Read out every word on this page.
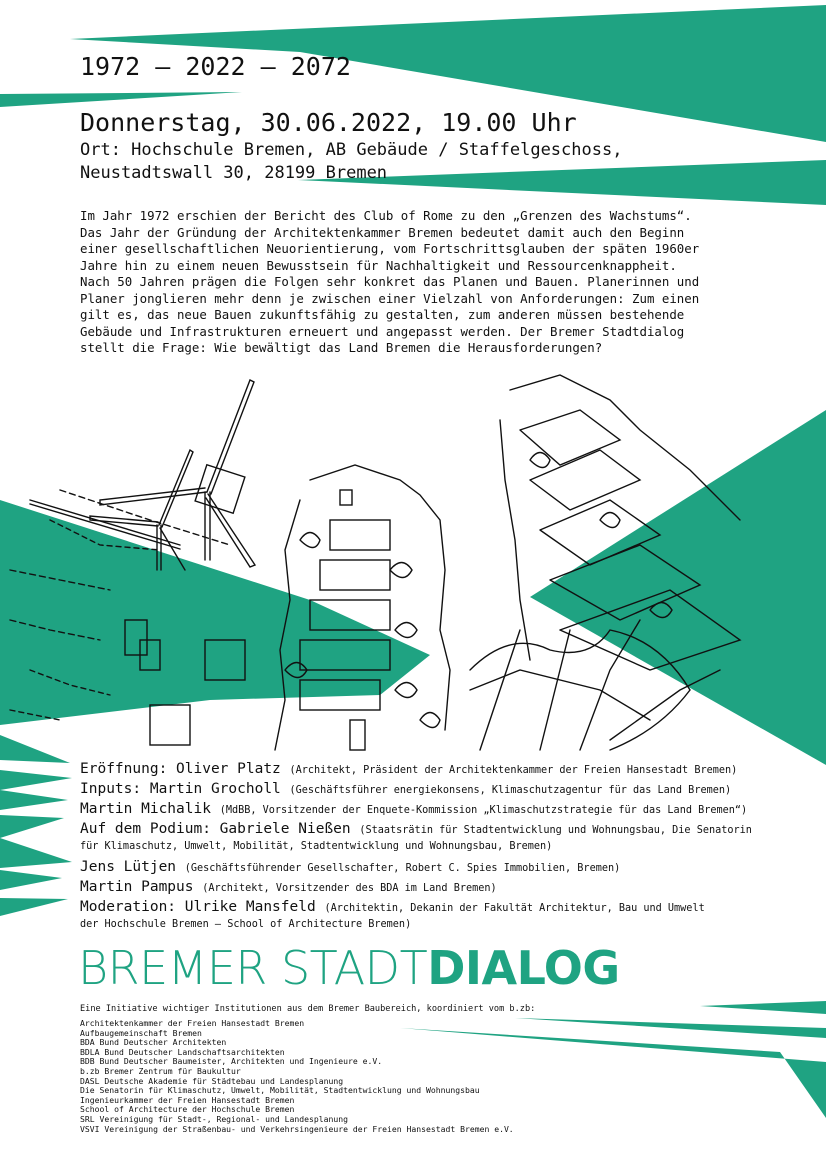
1972 – 2022 – 2072
Donnerstag, 30.06.2022, 19.00 Uhr
Ort: Hochschule Bremen, AB Gebäude / Staffelgeschoss,
Neustadtswall 30, 28199 Bremen
Im Jahr 1972 erschien der Bericht des Club of Rome zu den „Grenzen des Wachstums“.
Das Jahr der Gründung der Architektenkammer Bremen bedeutet damit auch den Beginn
einer gesellschaftlichen Neuorientierung, vom Fortschrittsglauben der späten 1960er
Jahre hin zu einem neuen Bewusstsein für Nachhaltigkeit und Ressourcenknappheit.
Nach 50 Jahren prägen die Folgen sehr konkret das Planen und Bauen. Planerinnen und
Planer jonglieren mehr denn je zwischen einer Vielzahl von Anforderungen: Zum einen
gilt es, das neue Bauen zukunftsfähig zu gestalten, zum anderen müssen bestehende
Gebäude und Infrastrukturen erneuert und angepasst werden. Der Bremer Stadtdialog
stellt die Frage: Wie bewältigt das Land Bremen die Herausforderungen?
Eröffnung: Oliver Platz (Architekt, Präsident der Architektenkammer der Freien Hansestadt Bremen)
Inputs: Martin Grocholl (Geschäftsführer energiekonsens, Klimaschutzagentur für das Land Bremen)
Martin Michalik (MdBB, Vorsitzender der Enquete-Kommission „Klimaschutzstrategie für das Land Bremen“)
Auf dem Podium: Gabriele Nießen (Staatsrätin für Stadtentwicklung und Wohnungsbau, Die Senatorin
für Klimaschutz, Umwelt, Mobilität, Stadtentwicklung und Wohnungsbau, Bremen)
Jens Lütjen (Geschäftsführender Gesellschafter, Robert C. Spies Immobilien, Bremen)
Martin Pampus (Architekt, Vorsitzender des BDA im Land Bremen)
Moderation: Ulrike Mansfeld (Architektin, Dekanin der Fakultät Architektur, Bau und Umwelt
der Hochschule Bremen – School of Architecture Bremen)
BREMER STADTDIALOG
Eine Initiative wichtiger Institutionen aus dem Bremer Baubereich, koordiniert vom b.zb:
Architektenkammer der Freien Hansestadt Bremen
Aufbaugemeinschaft Bremen
BDA Bund Deutscher Architekten
BDLA Bund Deutscher Landschaftsarchitekten
BDB Bund Deutscher Baumeister, Architekten und Ingenieure e.V.
b.zb Bremer Zentrum für Baukultur
DASL Deutsche Akademie für Städtebau und Landesplanung
Die Senatorin für Klimaschutz, Umwelt, Mobilität, Stadtentwicklung und Wohnungsbau
Ingenieurkammer der Freien Hansestadt Bremen
School of Architecture der Hochschule Bremen
SRL Vereinigung für Stadt-, Regional- und Landesplanung
VSVI Vereinigung der Straßenbau- und Verkehrsingenieure der Freien Hansestadt Bremen e.V.
